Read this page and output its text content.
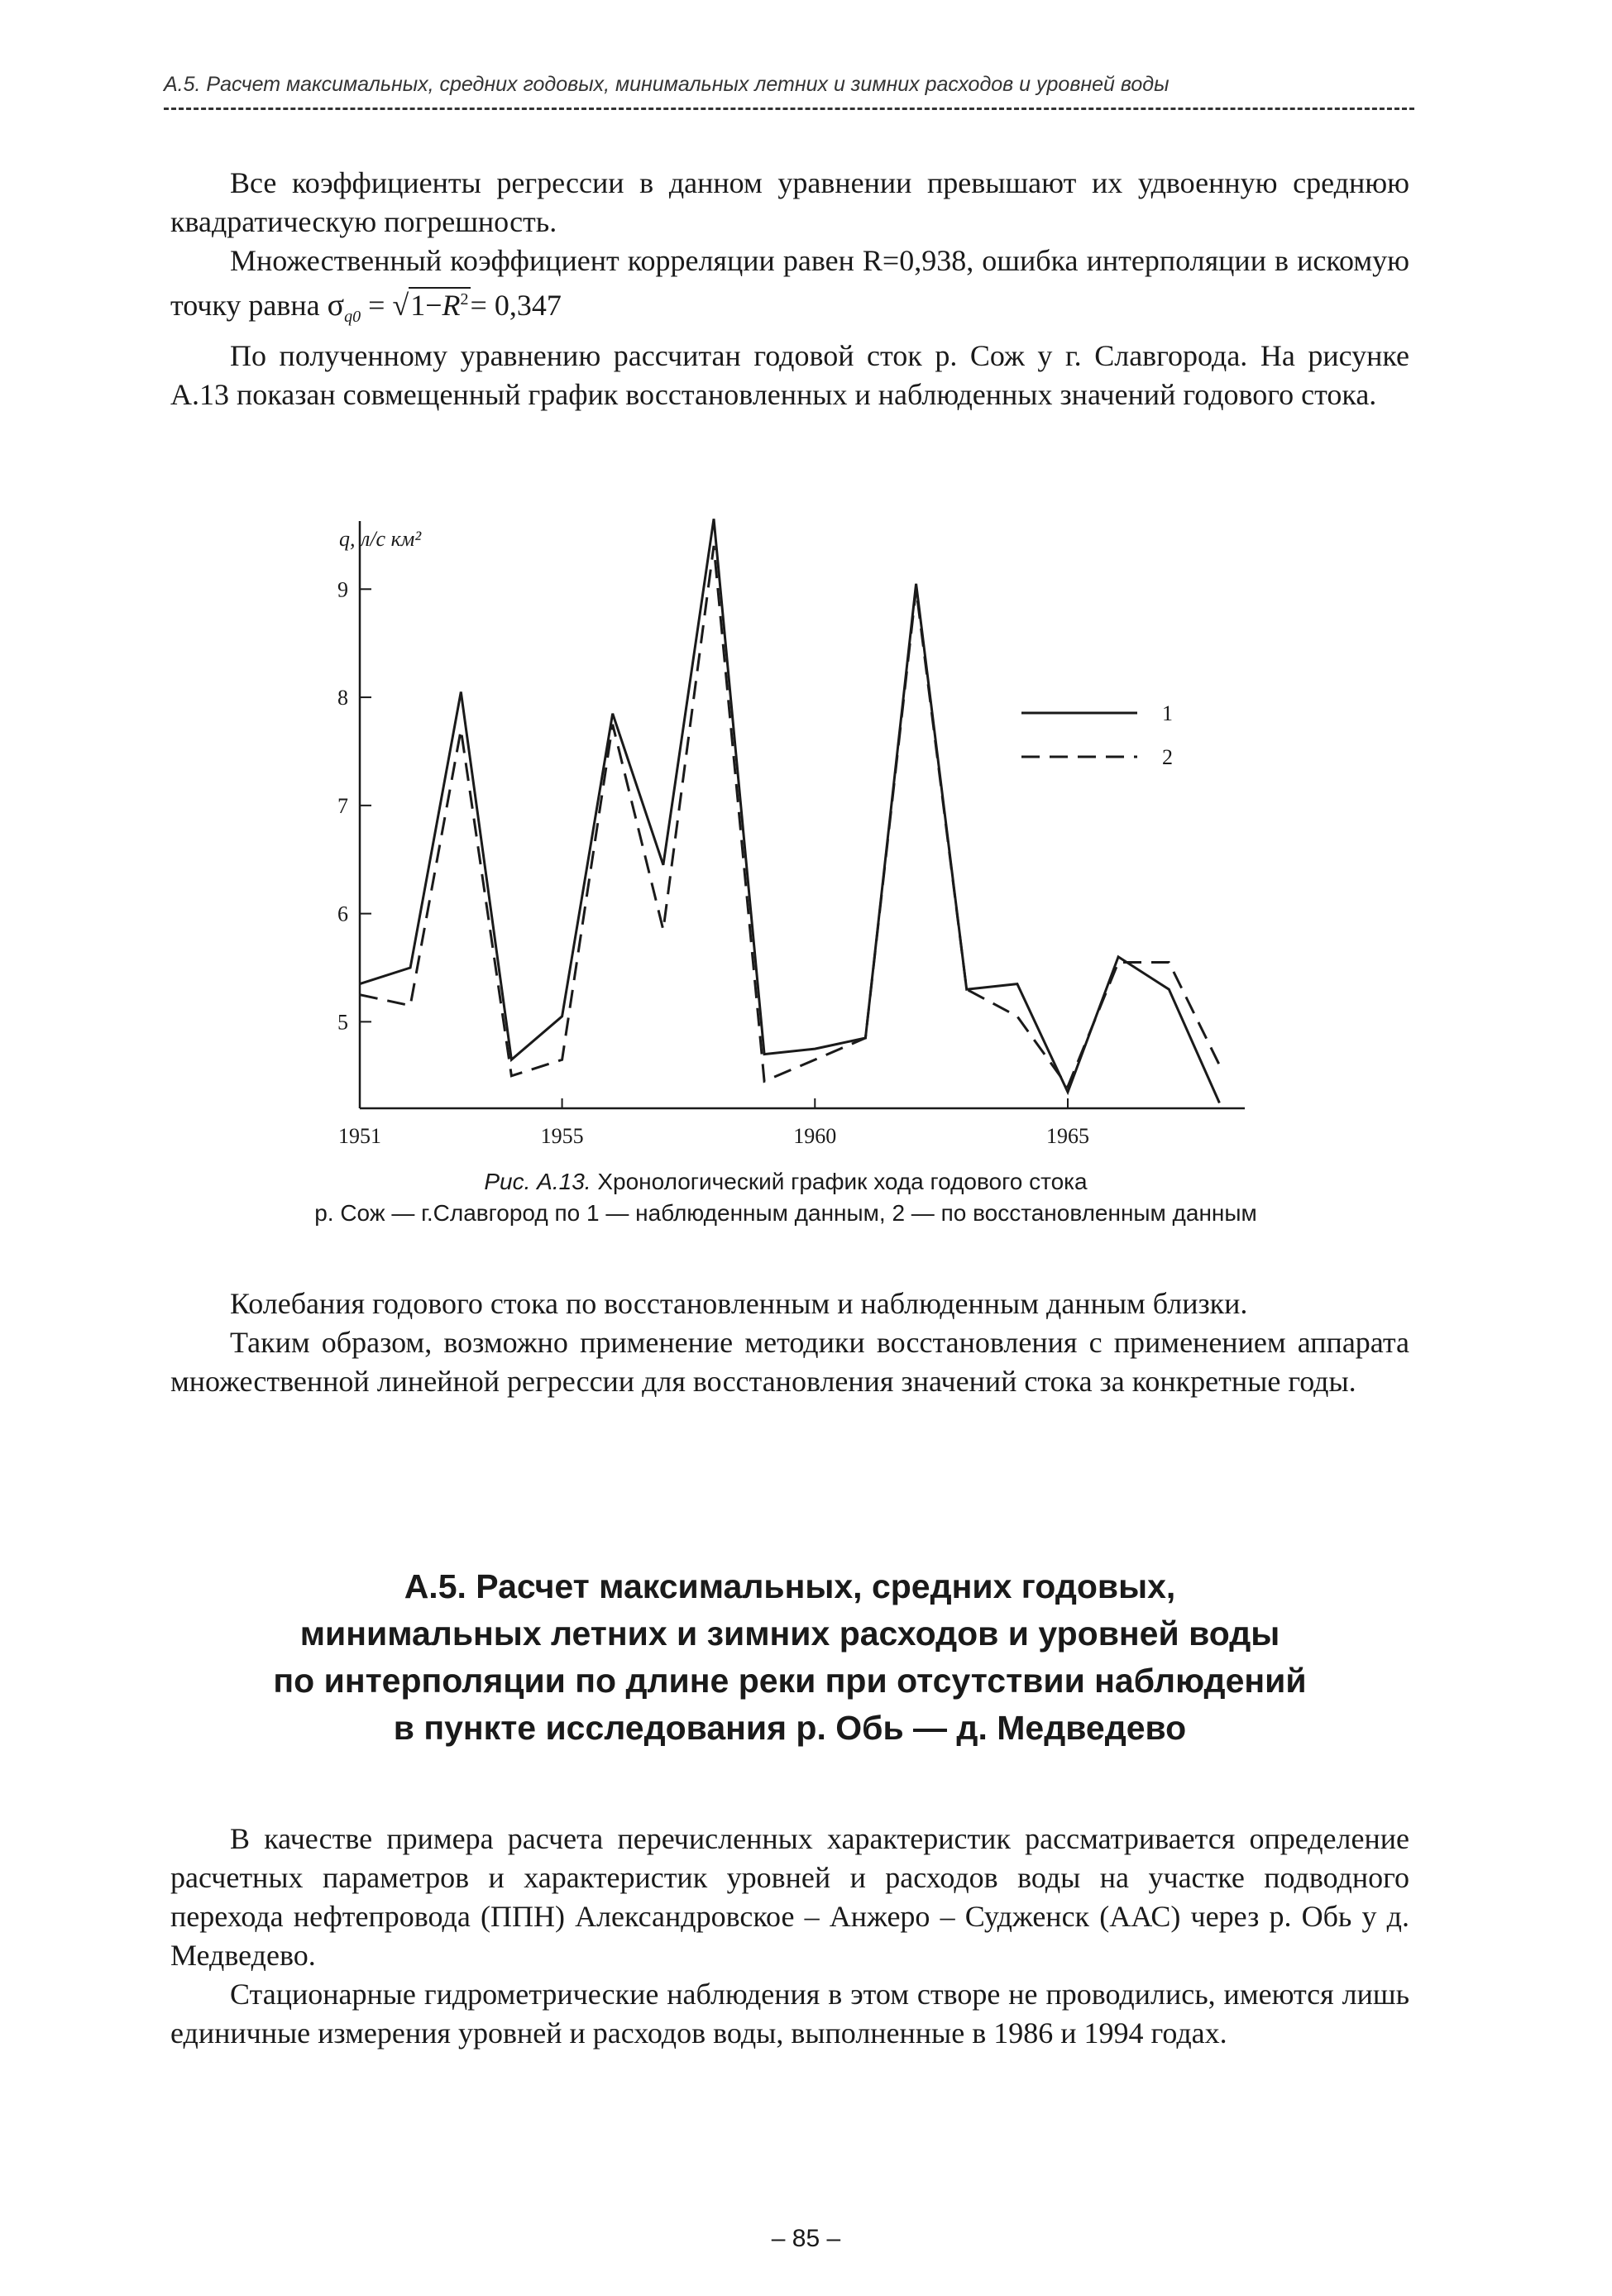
А.5. Расчет максимальных, средних годовых, минимальных летних и зимних расходов и уровней воды

Все коэффициенты регрессии в данном уравнении превышают их удвоенную среднюю квадратическую погрешность.

Множественный коэффициент корреляции равен R=0,938, ошибка интерполяции в искомую точку равна $\sigma_{q0} = √1-R^2= 0,347$

По полученному уравнению рассчитан годовой сток р. Сож у г. Славгорода. На рисунке А.13 показан совмещенный график восстановленных и наблюденных значений годового стока.

q, л/с км²
5
6
7
8
9
1951	1955	1960	1965
1
2
Рис. А.13. Хронологический график хода годового стока
р. Сож — г.Славгород по 1 — наблюденным данным, 2 — по восстановленным данным

Колебания годового стока по восстановленным и наблюденным данным близки.

Таким образом, возможно применение методики восстановления с применением аппарата множественной линейной регрессии для восстановления значений стока за конкретные годы.

А.5. Расчет максимальных, средних годовых,
минимальных летних и зимних расходов и уровней воды
по интерполяции по длине реки при отсутствии наблюдений
в пункте исследования р. Обь — д. Медведево

В качестве примера расчета перечисленных характеристик рассматривается определение расчетных параметров и характеристик уровней и расходов воды на участке подводного перехода нефтепровода (ППН) Александровское – Анжеро – Судженск (ААС) через р. Обь у д. Медведево.

Стационарные гидрометрические наблюдения в этом створе не проводились, имеются лишь единичные измерения уровней и расходов воды, выполненные в 1986 и 1994 годах.

– 85 –
